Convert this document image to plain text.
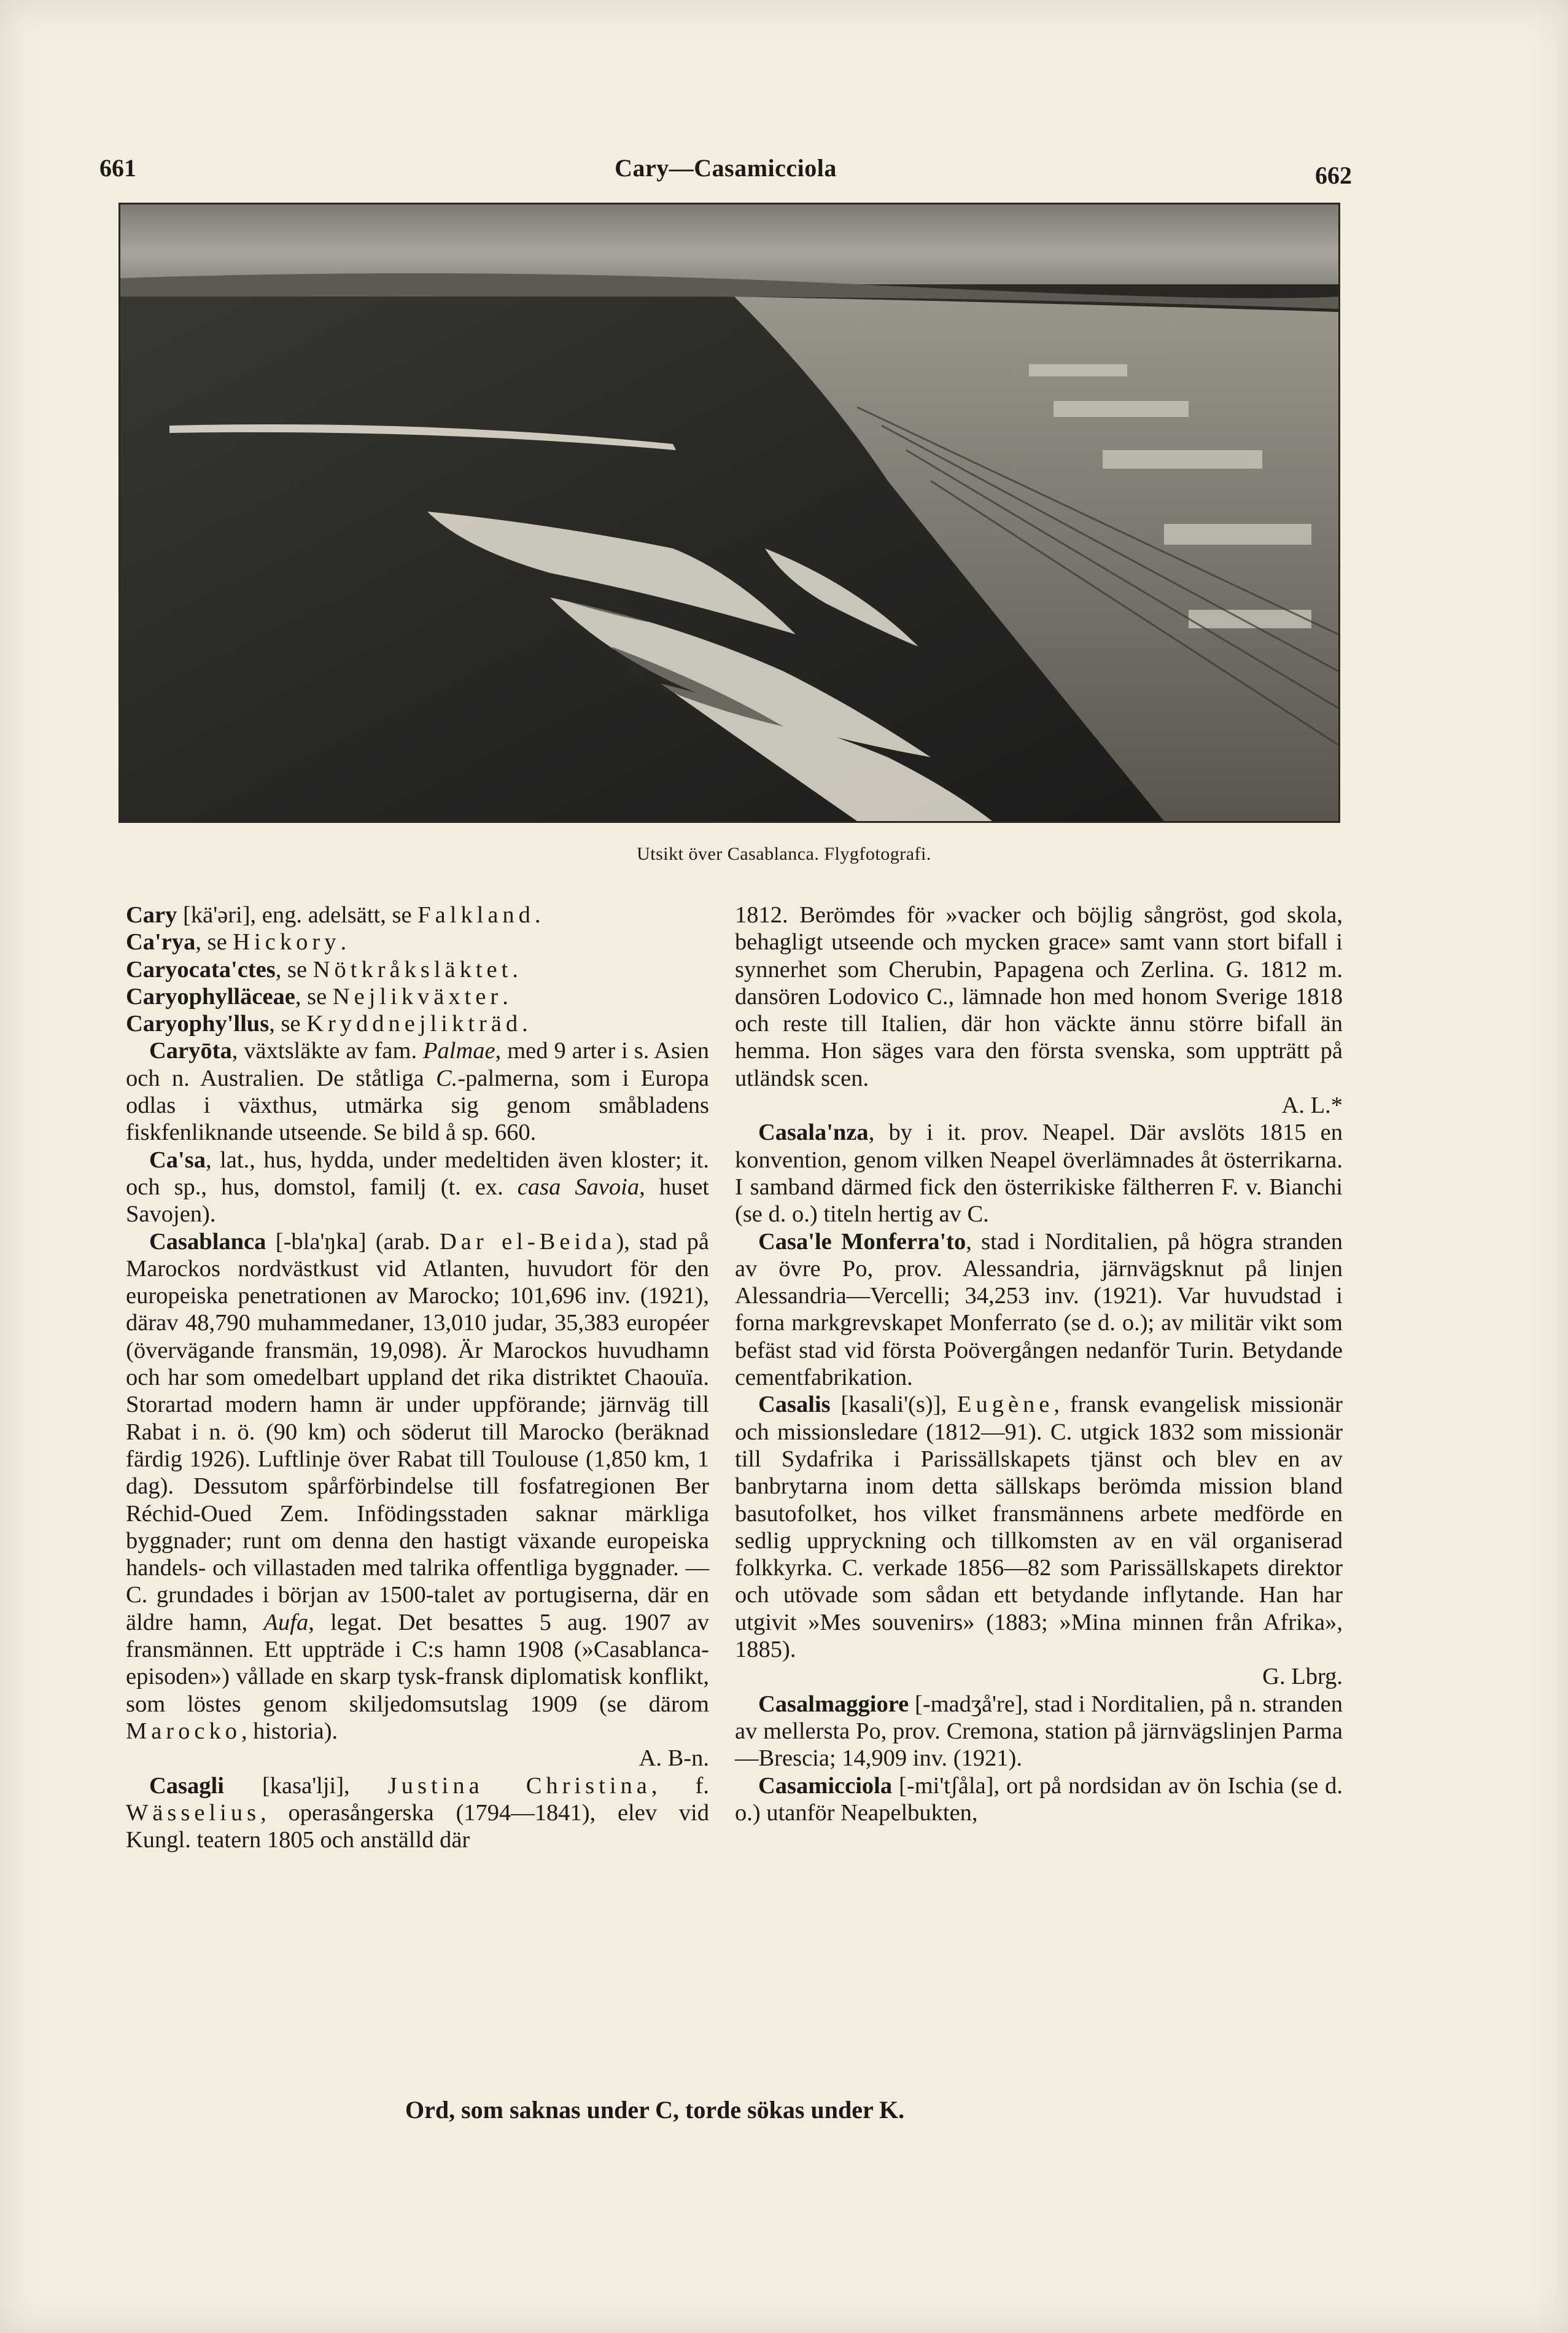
661	Cary—Casamicciola	662
Utsikt över Casablanca. Flygfotografi.

Cary [kä'əri], eng. adelsätt, se Falkland.

Ca'rya, se Hickory.

Caryocata'ctes, se Nötkråksläktet.

Caryophylläceae, se Nejlikväxter.

Caryophy'llus, se Kryddnejlikträd.

Caryōta, växtsläkte av fam. Palmae, med 9 arter i s. Asien och n. Australien. De ståtliga C.-palmerna, som i Europa odlas i växthus, utmärka sig genom småbladens fiskfenliknande utseende. Se bild å sp. 660.

Ca'sa, lat., hus, hydda, under medeltiden även kloster; it. och sp., hus, domstol, familj (t. ex. casa Savoia, huset Savojen).

Casablanca [-bla'ŋka] (arab. Dar el-Beida), stad på Marockos nordvästkust vid Atlanten, huvudort för den europeiska penetrationen av Marocko; 101,696 inv. (1921), därav 48,790 muhammedaner, 13,010 judar, 35,383 européer (övervägande fransmän, 19,098). Är Marockos huvudhamn och har som omedelbart uppland det rika distriktet Chaouïa. Storartad modern hamn är under uppförande; järnväg till Rabat i n. ö. (90 km) och söderut till Marocko (beräknad färdig 1926). Luftlinje över Rabat till Toulouse (1,850 km, 1 dag). Dessutom spårförbindelse till fosfatregionen Ber Réchid-Oued Zem. Infödingsstaden saknar märkliga byggnader; runt om denna den hastigt växande europeiska handels- och villastaden med talrika offentliga byggnader. — C. grundades i början av 1500-talet av portugiserna, där en äldre hamn, Aufa, legat. Det besattes 5 aug. 1907 av fransmännen. Ett uppträde i C:s hamn 1908 (»Casablanca-episoden») vållade en skarp tysk-fransk diplomatisk konflikt, som löstes genom skiljedomsutslag 1909 (se därom Marocko, historia).
A. B-n.

Casagli [kasa'lji], Justina Christina, f. Wässelius, operasångerska (1794—1841), elev vid Kungl. teatern 1805 och anställd där

1812. Berömdes för »vacker och böjlig sångröst, god skola, behagligt utseende och mycken grace» samt vann stort bifall i synnerhet som Cherubin, Papagena och Zerlina. G. 1812 m. dansören Lodovico C., lämnade hon med honom Sverige 1818 och reste till Italien, där hon väckte ännu större bifall än hemma. Hon säges vara den första svenska, som uppträtt på utländsk scen.
A. L.*

Casala'nza, by i it. prov. Neapel. Där avslöts 1815 en konvention, genom vilken Neapel överlämnades åt österrikarna. I samband därmed fick den österrikiske fältherren F. v. Bianchi (se d. o.) titeln hertig av C.

Casa'le Monferra'to, stad i Norditalien, på högra stranden av övre Po, prov. Alessandria, järnvägsknut på linjen Alessandria—Vercelli; 34,253 inv. (1921). Var huvudstad i forna markgrevskapet Monferrato (se d. o.); av militär vikt som befäst stad vid första Poövergången nedanför Turin. Betydande cementfabrikation.

Casalis [kasali'(s)], Eugène, fransk evangelisk missionär och missionsledare (1812—91). C. utgick 1832 som missionär till Sydafrika i Parissällskapets tjänst och blev en av banbrytarna inom detta sällskaps berömda mission bland basutofolket, hos vilket fransmännens arbete medförde en sedlig uppryckning och tillkomsten av en väl organiserad folkkyrka. C. verkade 1856—82 som Parissällskapets direktor och utövade som sådan ett betydande inflytande. Han har utgivit »Mes souvenirs» (1883; »Mina minnen från Afrika», 1885).
G. Lbrg.

Casalmaggiore [-madʒå're], stad i Norditalien, på n. stranden av mellersta Po, prov. Cremona, station på järnvägslinjen Parma—Brescia; 14,909 inv. (1921).

Casamicciola [-mi'tʃåla], ort på nordsidan av ön Ischia (se d. o.) utanför Neapelbukten,

Ord, som saknas under C, torde sökas under K.
